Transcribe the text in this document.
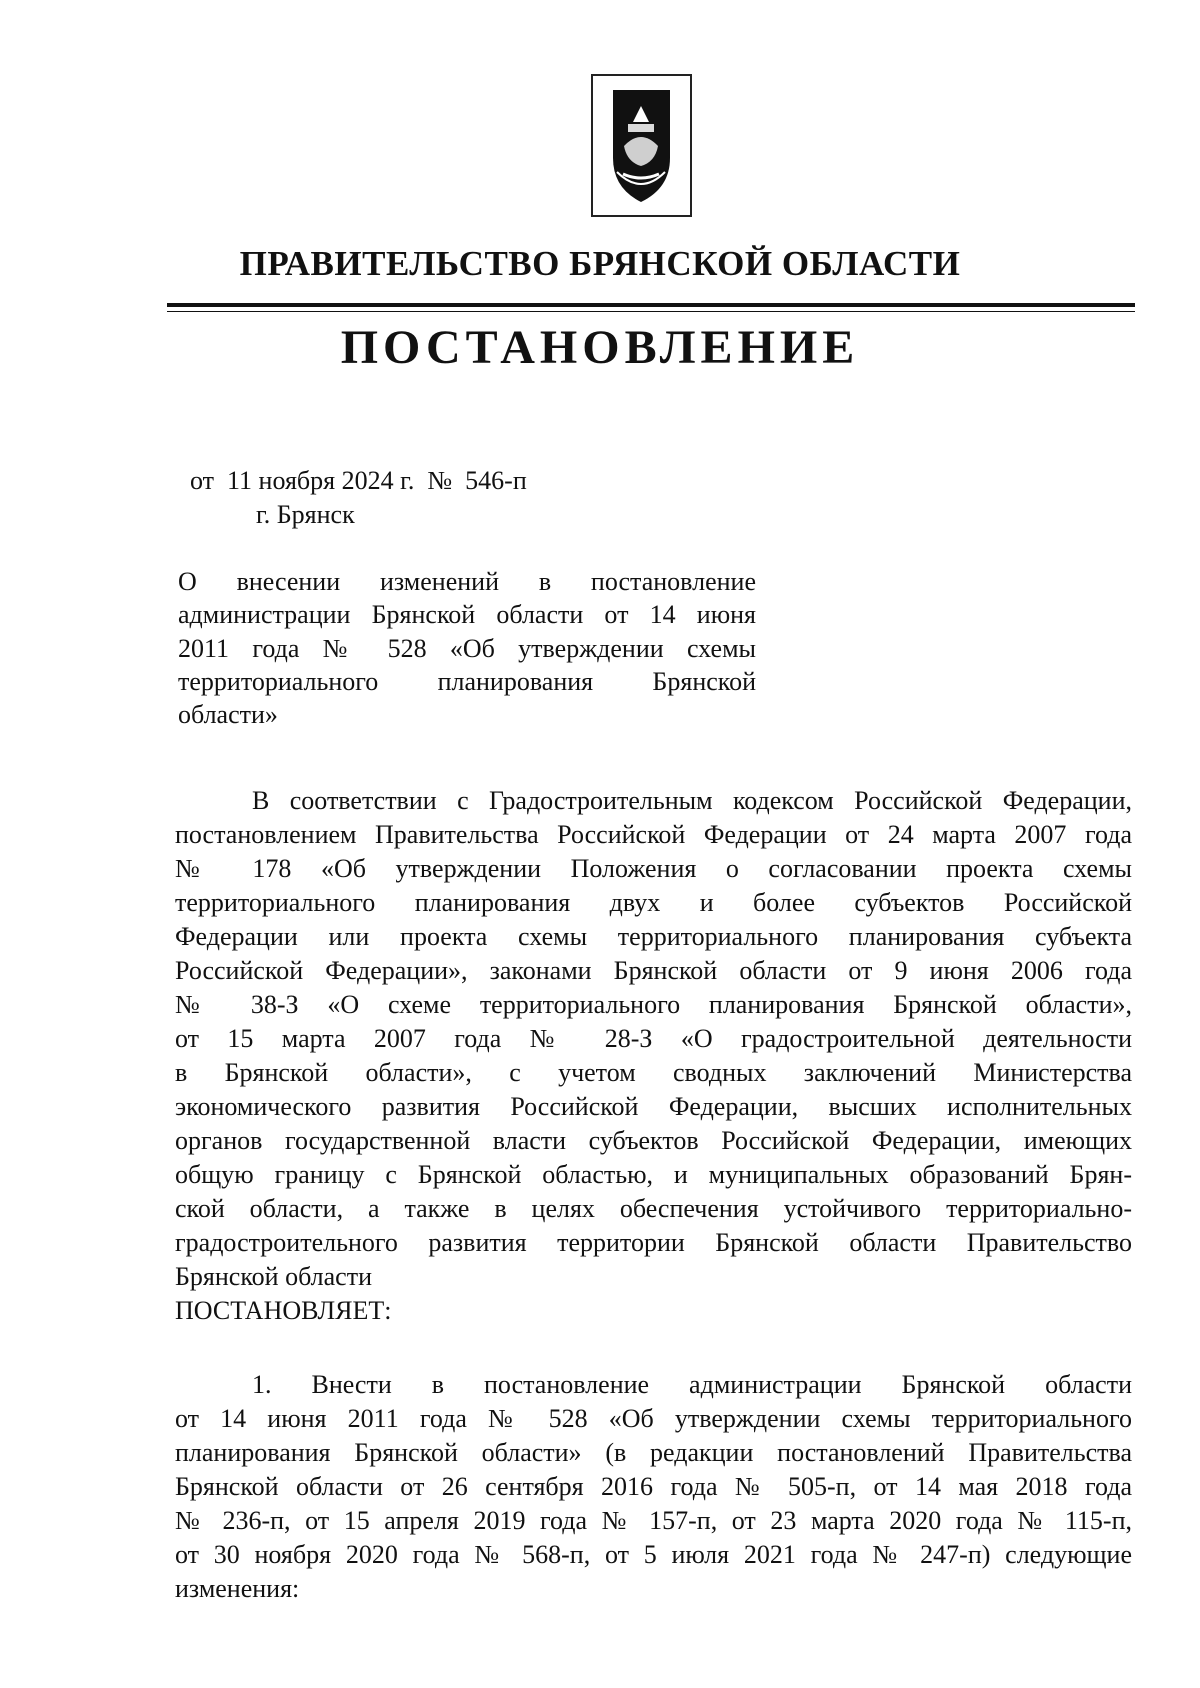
ПРАВИТЕЛЬСТВО БРЯНСКОЙ ОБЛАСТИ
ПОСТАНОВЛЕНИЕ
от  11 ноября 2024 г.  №  546-п
г. Брянск
О внесении изменений в постановление
администрации Брянской области от 14 июня
2011 года № 528 «Об утверждении схемы
территориального планирования Брянской
области»
В соответствии с Градостроительным кодексом Российской Федерации,
постановлением Правительства Российской Федерации от 24 марта 2007 года
№ 178 «Об утверждении Положения о согласовании проекта схемы
территориального планирования двух и более субъектов Российской
Федерации или проекта схемы территориального планирования субъекта
Российской Федерации», законами Брянской области от 9 июня 2006 года
№ 38-З «О схеме территориального планирования Брянской области»,
от 15 марта 2007 года № 28-З «О градостроительной деятельности
в Брянской области», с учетом сводных заключений Министерства
экономического развития Российской Федерации, высших исполнительных
органов государственной власти субъектов Российской Федерации, имеющих
общую границу с Брянской областью, и муниципальных образований Брян-
ской области, а также в целях обеспечения устойчивого территориально-
градостроительного развития территории Брянской области Правительство
Брянской области
ПОСТАНОВЛЯЕТ:
1. Внести в постановление администрации Брянской области
от 14 июня 2011 года № 528 «Об утверждении схемы территориального
планирования Брянской области» (в редакции постановлений Правительства
Брянской области от 26 сентября 2016 года № 505-п, от 14 мая 2018 года
№ 236-п, от 15 апреля 2019 года № 157-п, от 23 марта 2020 года № 115-п,
от 30 ноября 2020 года № 568-п, от 5 июля 2021 года № 247-п) следующие
изменения:
